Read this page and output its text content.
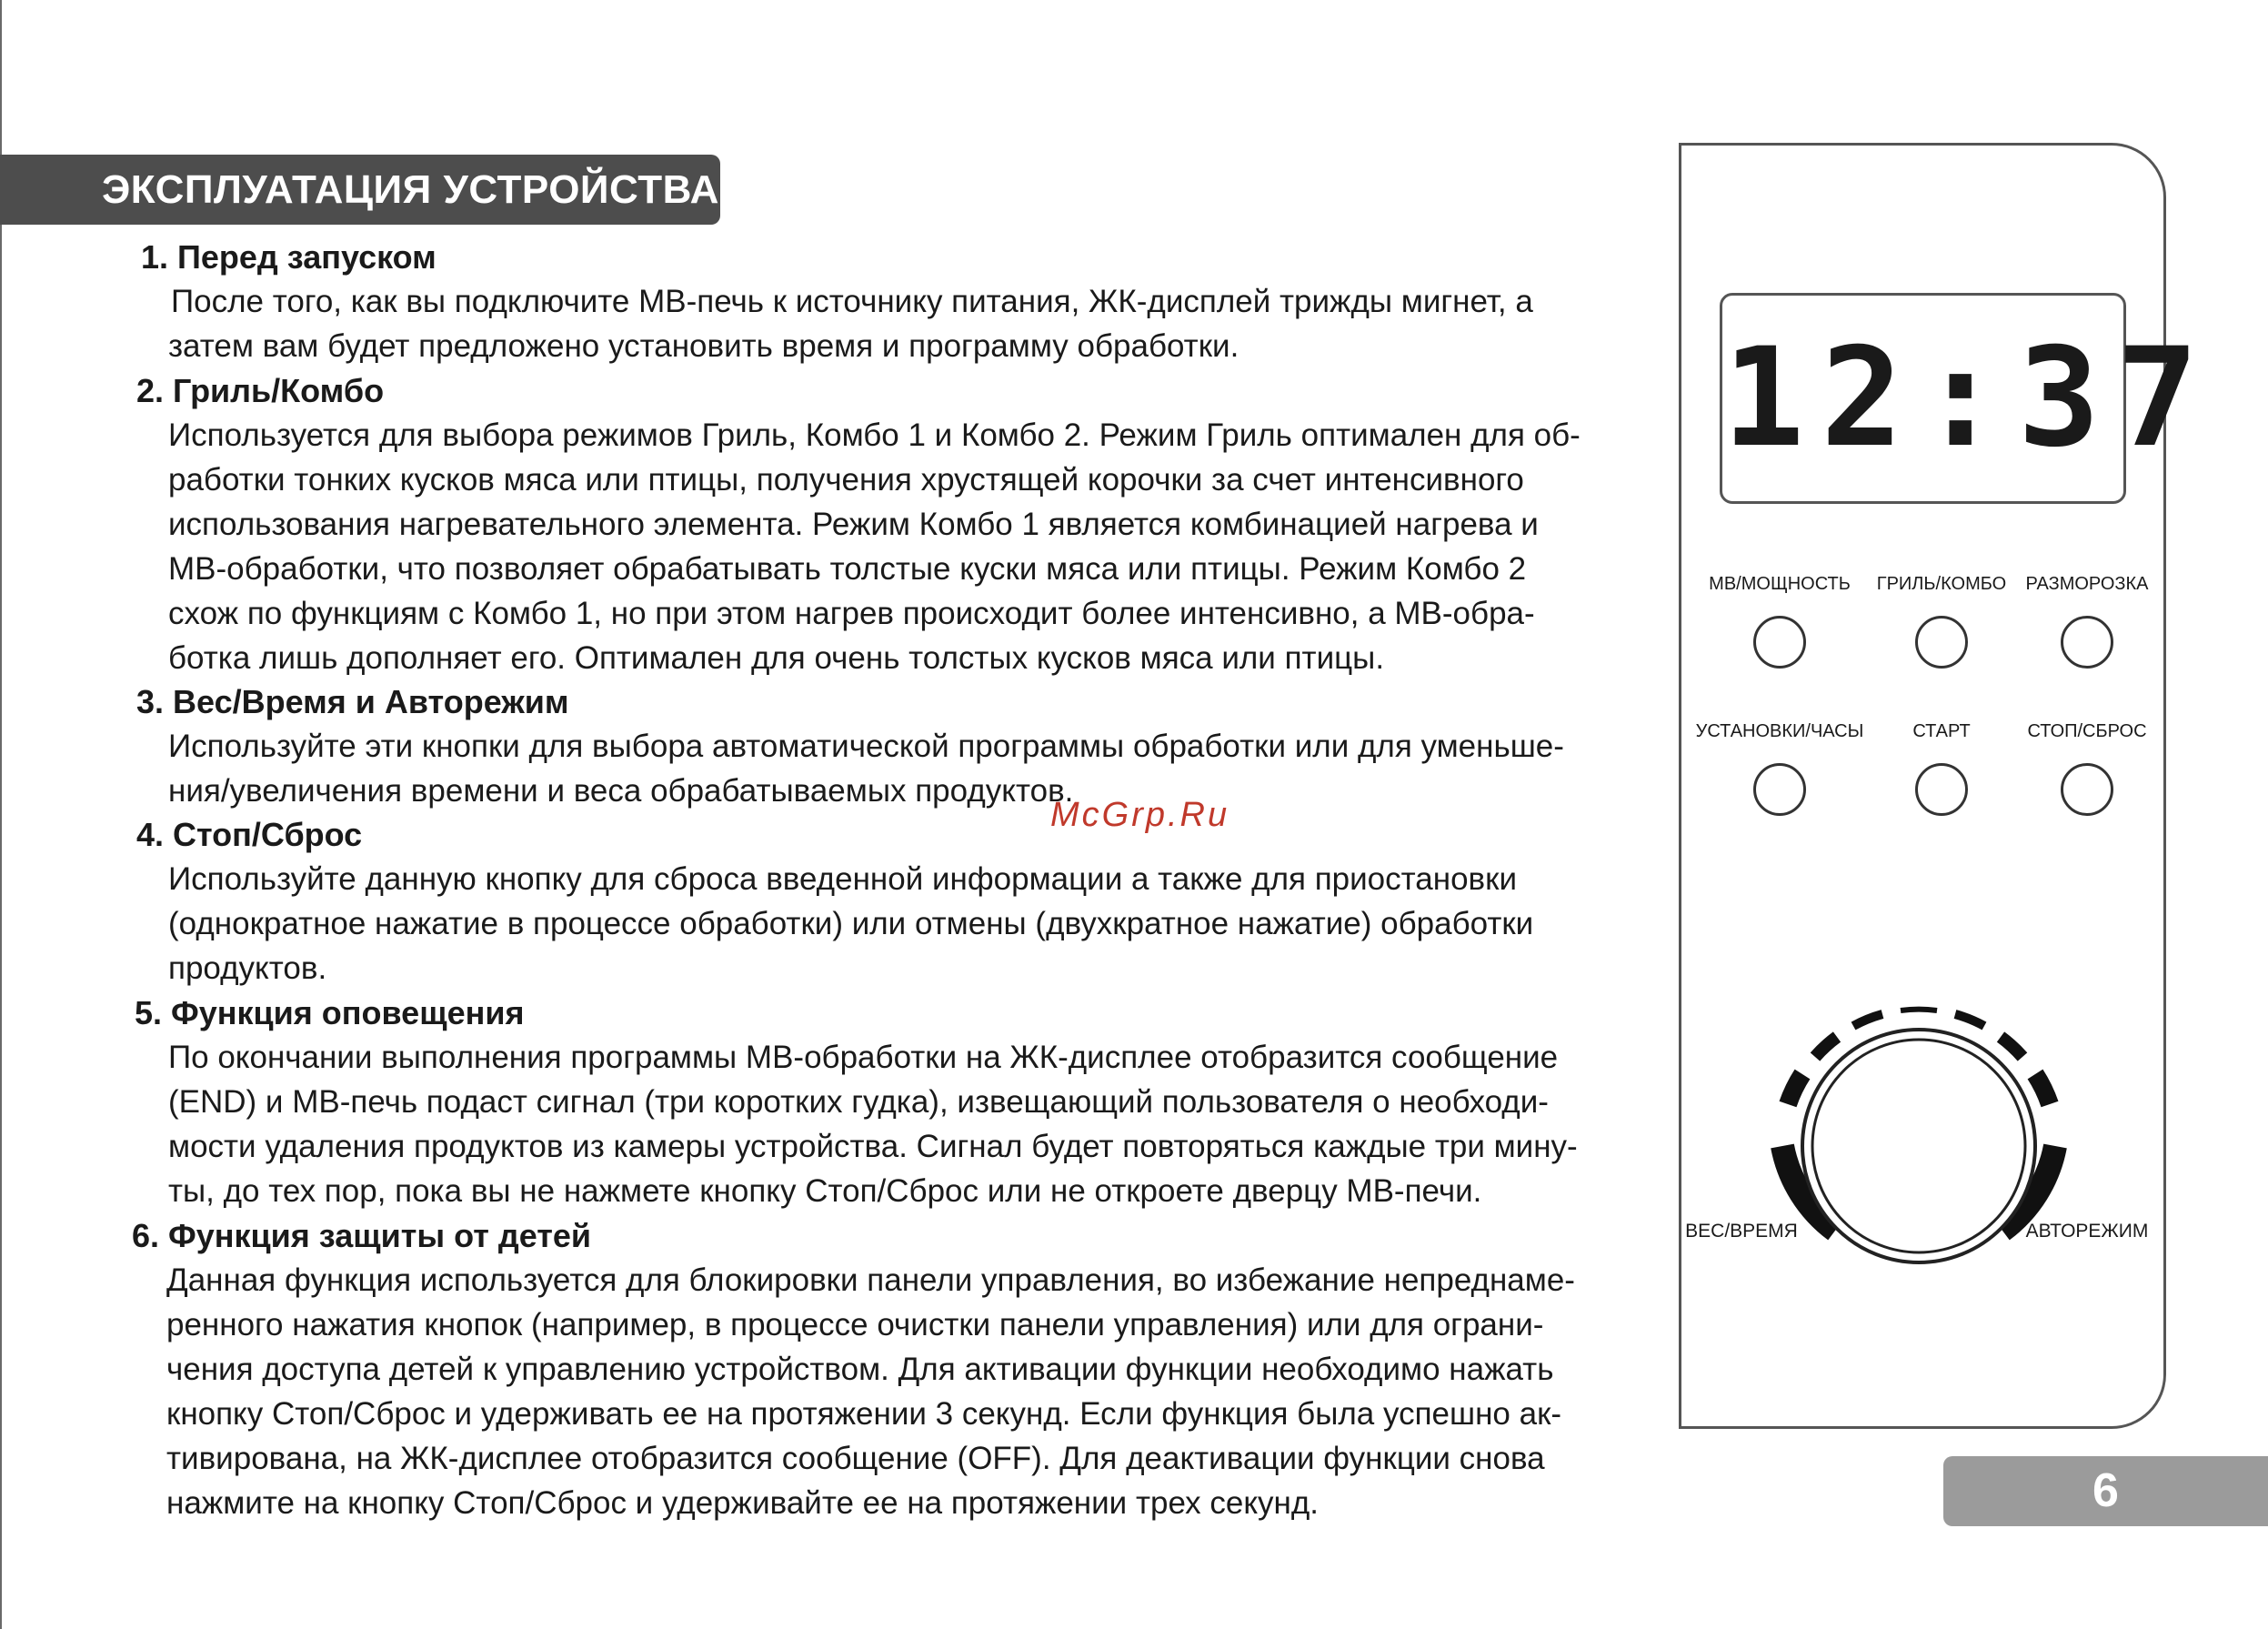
ЭКСПЛУАТАЦИЯ УСТРОЙСТВА
1. Перед запуском
После того, как вы подключите МВ-печь к источнику питания, ЖК-дисплей трижды мигнет, а
затем вам будет предложено установить время и программу обработки.
2. Гриль/Комбо
Используется для выбора режимов Гриль, Комбо 1 и Комбо 2. Режим Гриль оптимален для об-
работки тонких кусков мяса или птицы, получения хрустящей корочки за счет интенсивного
использования нагревательного элемента. Режим Комбо 1 является комбинацией нагрева и
МВ-обработки, что позволяет обрабатывать толстые куски мяса или птицы. Режим Комбо 2
схож по функциям с Комбо 1, но при этом нагрев происходит более интенсивно, а МВ-обра-
ботка лишь дополняет его. Оптимален для очень толстых кусков мяса или птицы.
3. Вес/Время и Авторежим
Используйте эти кнопки для выбора автоматической программы обработки или для уменьше-
ния/увеличения времени и веса обрабатываемых продуктов.
4. Стоп/Сброс
Используйте данную кнопку для сброса введенной информации а также для приостановки
(однократное нажатие в процессе обработки) или отмены (двухкратное нажатие) обработки
продуктов.
5. Функция оповещения
По окончании выполнения программы МВ-обработки на ЖК-дисплее отобразится сообщение
(END) и МВ-печь подаст сигнал (три коротких гудка), извещающий пользователя о необходи-
мости удаления продуктов из камеры устройства. Сигнал будет повторяться каждые три мину-
ты, до тех пор, пока вы не нажмете кнопку Стоп/Сброс или не откроете дверцу МВ-печи.
6. Функция защиты от детей
Данная функция используется для блокировки панели управления, во избежание непреднаме-
ренного нажатия кнопок (например, в процессе очистки панели управления) или для ограни-
чения доступа детей к управлению устройством. Для активации функции необходимо нажать
кнопку Стоп/Сброс и удерживать ее на протяжении 3 секунд. Если функция была успешно ак-
тивирована, на ЖК-дисплее отобразится сообщение (OFF). Для деактивации функции снова
нажмите на кнопку Стоп/Сброс и удерживайте ее на протяжении трех секунд.
McGrp.Ru
12:37
МВ/МОЩНОСТЬ	ГРИЛЬ/КОМБО	РАЗМОРОЗКА
УСТАНОВКИ/ЧАСЫ	СТАРТ	СТОП/СБРОС
ВЕС/ВРЕМЯ	АВТОРЕЖИМ
6
